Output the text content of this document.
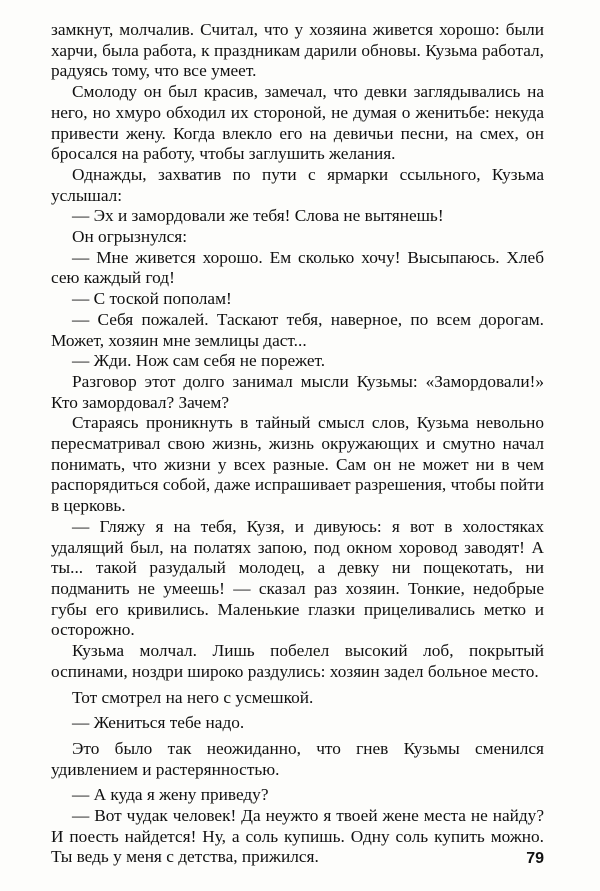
замкнут, молчалив. Считал, что у хозяина живется хорошо: были харчи, была работа, к праздникам дарили обновы. Кузьма работал, радуясь тому, что все умеет.

Смолоду он был красив, замечал, что девки заглядывались на него, но хмуро обходил их стороной, не думая о женитьбе: некуда привести жену. Когда влекло его на девичьи песни, на смех, он бросался на работу, чтобы заглушить желания.

Однажды, захватив по пути с ярмарки ссыльного, Кузьма услышал:

— Эх и замордовали же тебя! Слова не вытянешь!

Он огрызнулся:

— Мне живется хорошо. Ем сколько хочу! Высыпаюсь. Хлеб сею каждый год!

— С тоской пополам!

— Себя пожалей. Таскают тебя, наверное, по всем дорогам. Может, хозяин мне землицы даст...

— Жди. Нож сам себя не порежет.

Разговор этот долго занимал мысли Кузьмы: «Замордовали!» Кто замордовал? Зачем?

Стараясь проникнуть в тайный смысл слов, Кузьма невольно пересматривал свою жизнь, жизнь окружающих и смутно начал понимать, что жизни у всех разные. Сам он не может ни в чем распорядиться собой, даже испрашивает разрешения, чтобы пойти в церковь.

— Гляжу я на тебя, Кузя, и дивуюсь: я вот в холостяках удалящий был, на полатях запою, под окном хоровод заводят! А ты... такой разудалый молодец, а девку ни пощекотать, ни подманить не умеешь! — сказал раз хозяин. Тонкие, недобрые губы его кривились. Маленькие глазки прицеливались метко и осторожно.

Кузьма молчал. Лишь побелел высокий лоб, покрытый оспинами, ноздри широко раздулись: хозяин задел больное место.

Тот смотрел на него с усмешкой.

— Жениться тебе надо.

Это было так неожиданно, что гнев Кузьмы сменился удивлением и растерянностью.

— А куда я жену приведу?

— Вот чудак человек! Да неужто я твоей жене места не найду? И поесть найдется! Ну, а соль купишь. Одну соль купить можно. Ты ведь у меня с детства, прижился.	79
